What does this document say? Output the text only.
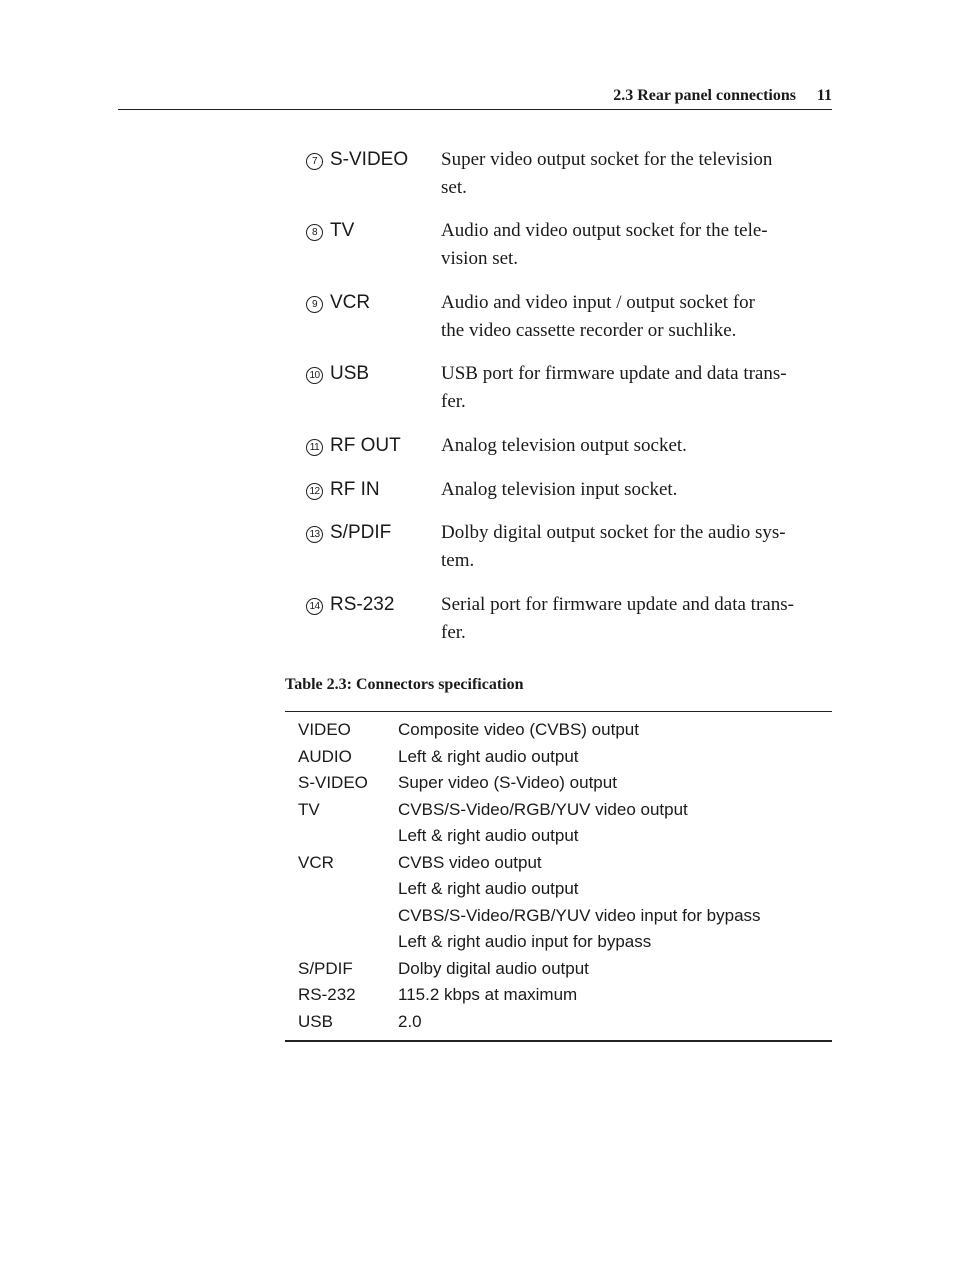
2.3 Rear panel connections 11
7 S-VIDEO Super video output socket for the television
set.
8 TV	Audio and video output socket for the tele-
vision set.
9 VCR	Audio and video input / output socket for
the video cassette recorder or suchlike.
10 USB	USB port for firmware update and data trans-
fer.
11 RF OUT Analog television output socket.
12 RF IN	Analog television input socket.
13 S/PDIF	Dolby digital output socket for the audio sys-
tem.
14 RS-232 Serial port for firmware update and data trans-
fer.
Table 2.3: Connectors specification
VIDEO	Composite video (CVBS) output
AUDIO	Left & right audio output
S-VIDEO Super video (S-Video) output
TV	CVBS/S-Video/RGB/YUV video output
Left & right audio output
VCR	CVBS video output
Left & right audio output
CVBS/S-Video/RGB/YUV video input for bypass
Left & right audio input for bypass
S/PDIF	Dolby digital audio output
RS-232 115.2 kbps at maximum
USB	2.0
